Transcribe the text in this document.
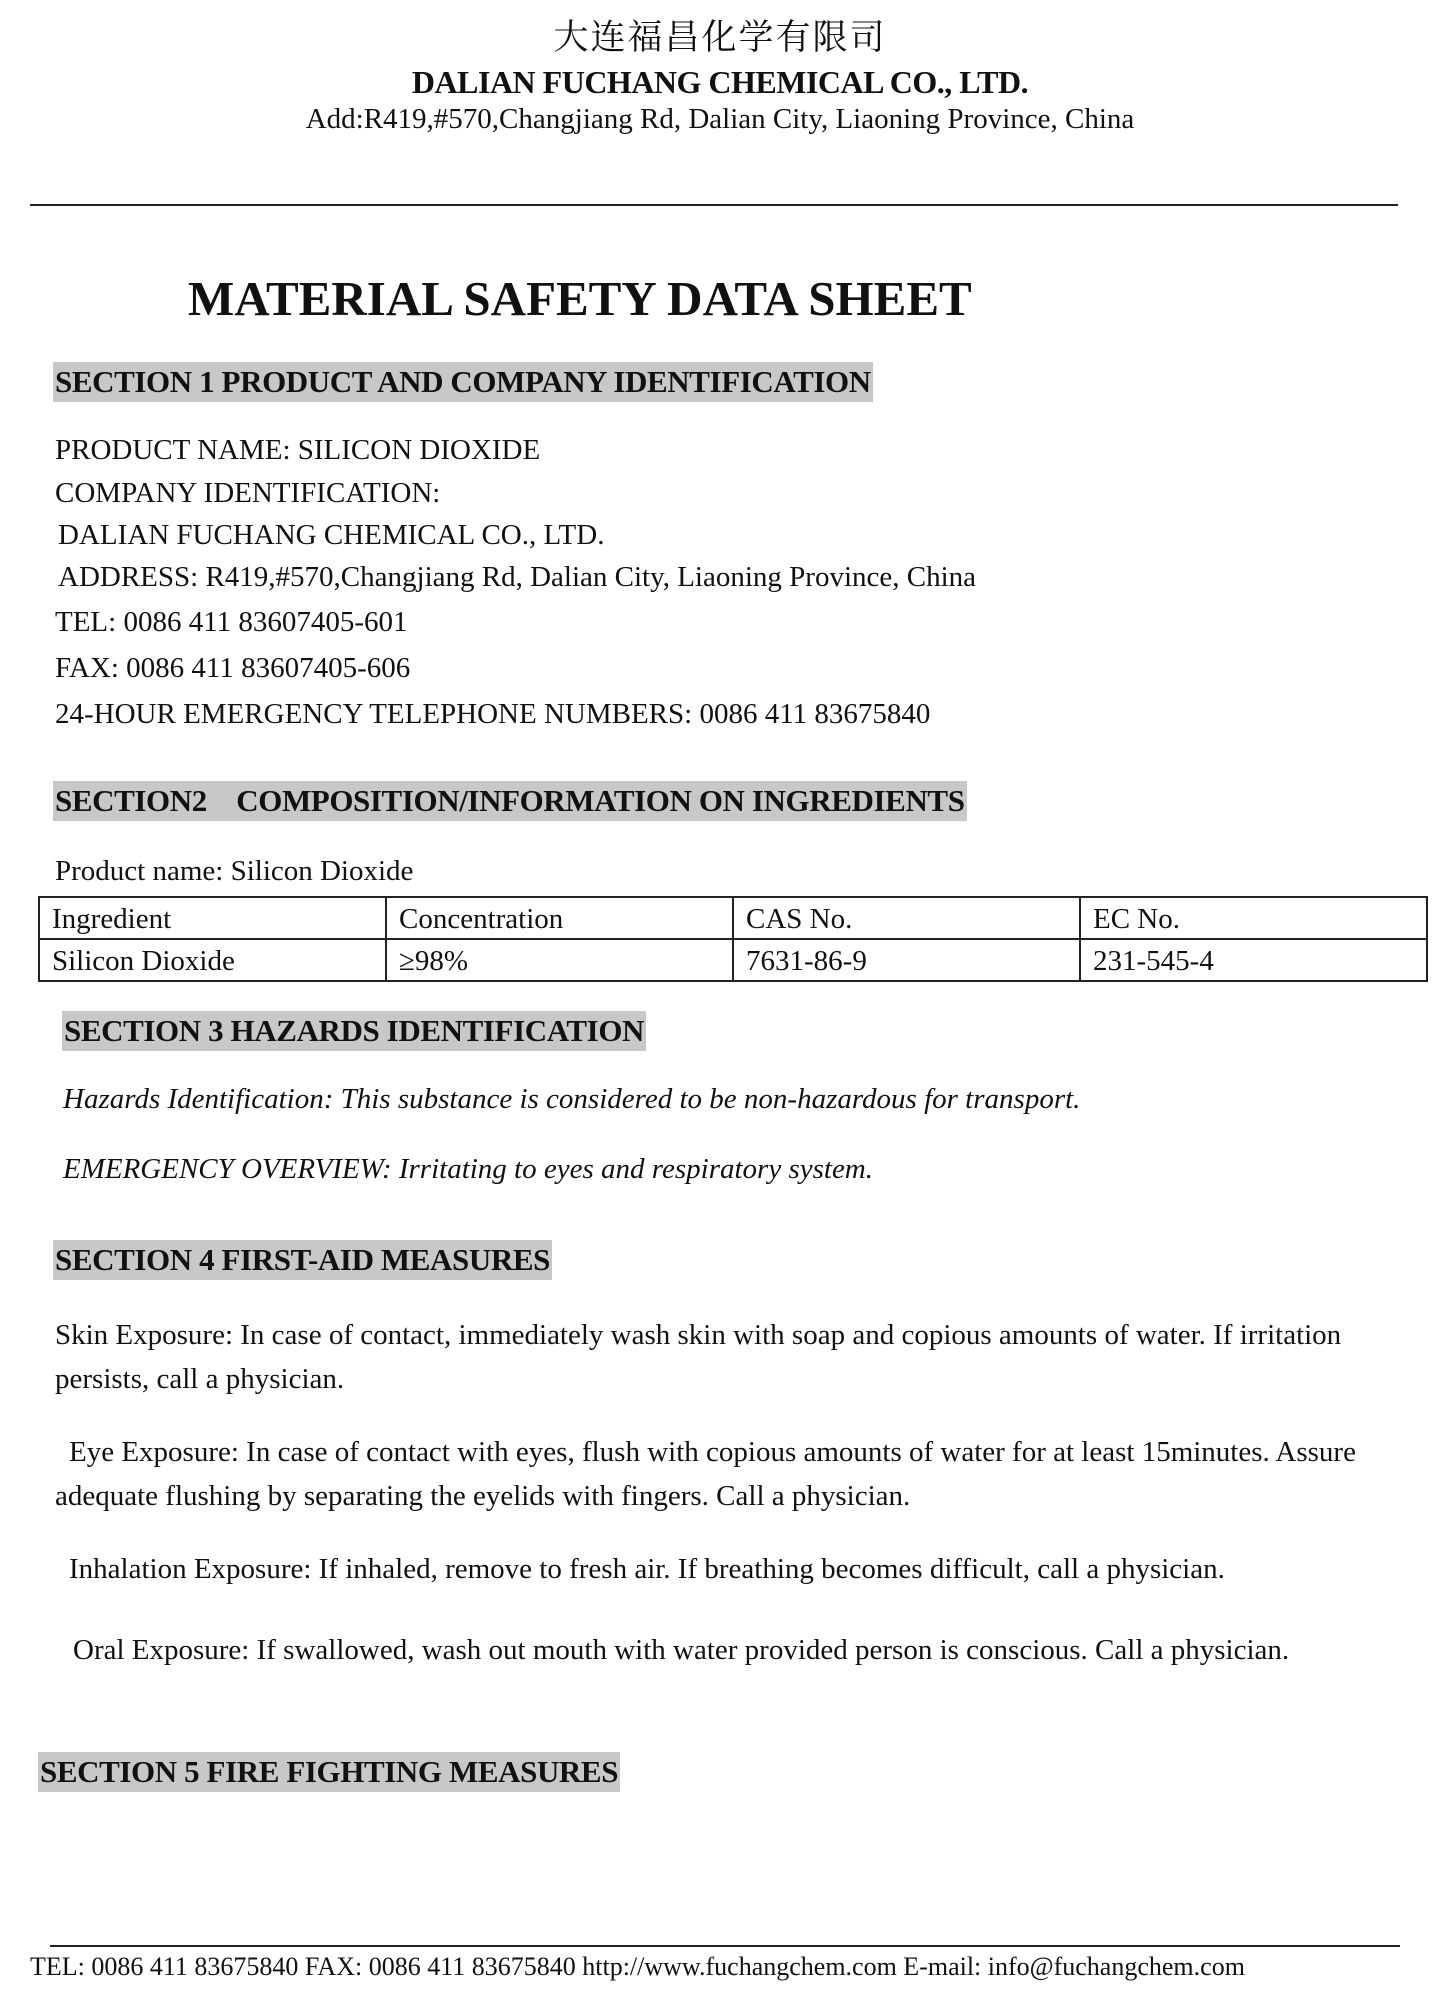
大连福昌化学有限司
DALIAN FUCHANG CHEMICAL CO., LTD.
Add:R419,#570,Changjiang Rd, Dalian City, Liaoning Province, China
MATERIAL SAFETY DATA SHEET
SECTION 1 PRODUCT AND COMPANY IDENTIFICATION
PRODUCT NAME: SILICON DIOXIDE
COMPANY IDENTIFICATION:
DALIAN FUCHANG CHEMICAL CO., LTD.
ADDRESS: R419,#570,Changjiang Rd, Dalian City, Liaoning Province, China
TEL: 0086 411 83607405-601
FAX: 0086 411 83607405-606
24-HOUR EMERGENCY TELEPHONE NUMBERS: 0086 411 83675840
SECTION2    COMPOSITION/INFORMATION ON INGREDIENTS
Product name: Silicon Dioxide
Ingredient	Concentration	CAS No.	EC No.
Silicon Dioxide	≥98%	7631-86-9	231-545-4
SECTION 3 HAZARDS IDENTIFICATION
Hazards Identification: This substance is considered to be non-hazardous for transport.
EMERGENCY OVERVIEW: Irritating to eyes and respiratory system.
SECTION 4 FIRST-AID MEASURES
Skin Exposure: In case of contact, immediately wash skin with soap and copious amounts of water. If irritation persists, call a physician.
Eye Exposure: In case of contact with eyes, flush with copious amounts of water for at least 15minutes. Assure adequate flushing by separating the eyelids with fingers. Call a physician.
Inhalation Exposure: If inhaled, remove to fresh air. If breathing becomes difficult, call a physician.
Oral Exposure: If swallowed, wash out mouth with water provided person is conscious. Call a physician.
SECTION 5 FIRE FIGHTING MEASURES
TEL: 0086 411 83675840 FAX: 0086 411 83675840 http://www.fuchangchem.com E-mail: info@fuchangchem.com
